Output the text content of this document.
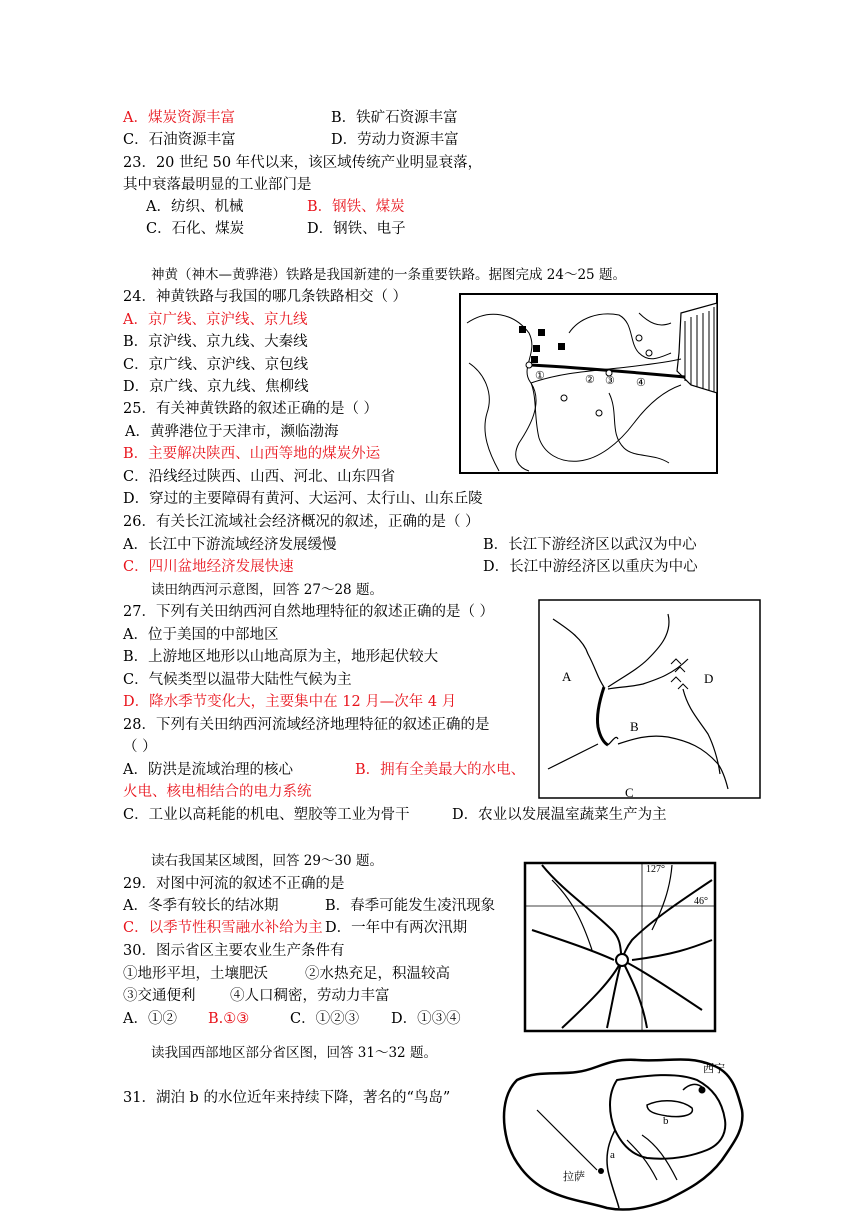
A．煤炭资源丰富	B．铁矿石资源丰富
C．石油资源丰富	D．劳动力资源丰富
23．20 世纪 50 年代以来，该区域传统产业明显衰落，
其中衰落最明显的工业部门是
A．纺织、机械	B．钢铁、煤炭
C．石化、煤炭	D．钢铁、电子
神黄（神木—黄骅港）铁路是我国新建的一条重要铁路。据图完成 24～25 题。
24．神黄铁路与我国的哪几条铁路相交（ ）
A．京广线、京沪线、京九线
B．京沪线、京九线、大秦线
C．京广线、京沪线、京包线
D．京广线、京九线、焦柳线
25．有关神黄铁路的叙述正确的是（ ）
A．黄骅港位于天津市，濒临渤海
B．主要解决陕西、山西等地的煤炭外运
C．沿线经过陕西、山西、河北、山东四省
D．穿过的主要障碍有黄河、大运河、太行山、山东丘陵
26．有关长江流域社会经济概况的叙述，正确的是（ ）
A．长江中下游流域经济发展缓慢	B．长江下游经济区以武汉为中心
C．四川盆地经济发展快速	D．长江中游经济区以重庆为中心
读田纳西河示意图，回答 27～28 题。
27．下列有关田纳西河自然地理特征的叙述正确的是（ ）
A．位于美国的中部地区
B．上游地区地形以山地高原为主，地形起伏较大
C．气候类型以温带大陆性气候为主
D．降水季节变化大，主要集中在 12 月—次年 4 月
28．下列有关田纳西河流域经济地理特征的叙述正确的是
（ ）
A．防洪是流域治理的核心	B．拥有全美最大的水电、
火电、核电相结合的电力系统
C．工业以高耗能的机电、塑胶等工业为骨干	D．农业以发展温室蔬菜生产为主
读右我国某区域图，回答 29～30 题。
29．对图中河流的叙述不正确的是
A．冬季有较长的结冰期	B．春季可能发生凌汛现象
C．以季节性积雪融水补给为主 D．一年中有两次汛期
30．图示省区主要农业生产条件有
①地形平坦，土壤肥沃	②水热充足，积温较高
③交通便利 ④人口稠密，劳动力丰富
A．①② B.①③	C．①②③ D．①③④
读我国西部地区部分省区图，回答 31～32 题。
31．湖泊 b 的水位近年来持续下降，著名的“鸟岛”
①	② ③ ④
A
B
C
D
127°
46°
西宁
拉萨
a
b
